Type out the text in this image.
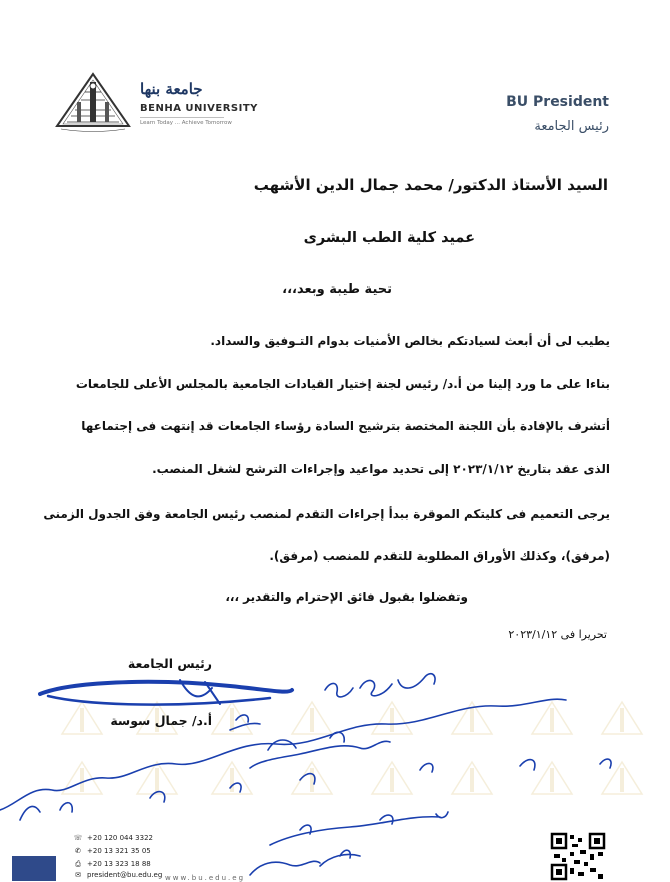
جامعة بنها
BENHA UNIVERSITY
Learn Today ... Achieve Tomorrow
BU President
رئيس الجامعة
السيد الأستاذ الدكتور/ محمد جمال الدين الأشهب
عميد كلية الطب البشرى
تحية طيبة وبعد،،،
يطيب لى أن أبعث لسيادتكم بخالص الأمنيات بدوام التـوفيق والسداد.
بناءا على ما ورد إلينا من أ.د/ رئيس لجنة إختيار القيادات الجامعية بالمجلس الأعلى للجامعات
أتشرف بالإفادة بأن اللجنة المختصة بترشيح السادة رؤساء الجامعات قد إنتهت فى إجتماعها
الذى عقد بتاريخ ٢٠٢٣/١/١٢ إلى تحديد مواعيد وإجراءات الترشح لشغل المنصب.
يرجى التعميم فى كليتكم الموقرة ببدأ إجراءات التقدم لمنصب رئيس الجامعة وفق الجدول الزمنى
(مرفق)، وكذلك الأوراق المطلوبة للتقدم للمنصب (مرفق).
وتفضلوا بقبول فائق الإحترام والتقدير ،،،
تحريرا فى ٢٠٢٣/١/١٢
رئيس الجامعة
أ.د/ جمال سوسة
☏ +20 120 044 3322
✆ +20 13 321 35 05
⎙ +20 13 323 18 88
✉ president@bu.edu.eg www.bu.edu.eg
